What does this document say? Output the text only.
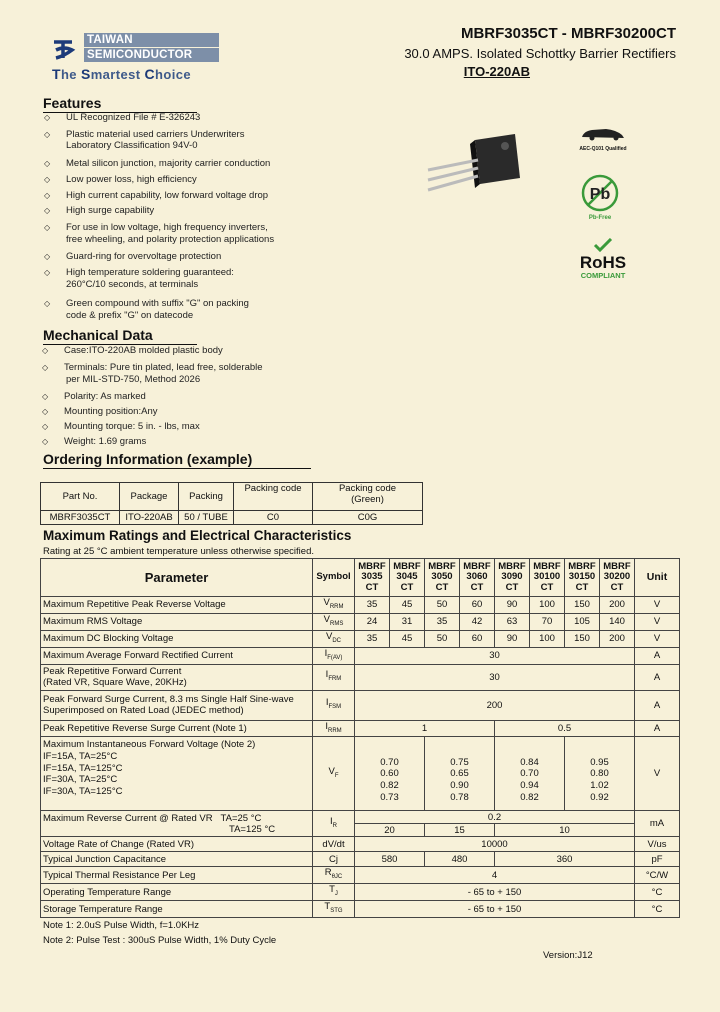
TAIWAN
SEMICONDUCTOR
The Smartest Choice
MBRF3035CT - MBRF30200CT
30.0 AMPS. Isolated Schottky Barrier Rectifiers
ITO-220AB
AEC-Q101 Qualified
Pb
Pb-Free
RoHS
COMPLIANT
Features
◇ UL Recognized File # E-326243
◇ Plastic material used carriers Underwriters
Laboratory Classification 94V-0
◇ Metal silicon junction, majority carrier conduction
◇ Low power loss, high efficiency
◇ High current capability, low forward voltage drop
◇ High surge capability
◇ For use in low voltage, high frequency inverters,
free wheeling, and polarity protection applications
◇ Guard-ring for overvoltage protection
◇ High temperature soldering guaranteed:
260°C/10 seconds, at terminals
◇ Green compound with suffix "G" on packing
code & prefix "G" on datecode
Mechanical Data
◇ Case:ITO-220AB molded plastic body
◇ Terminals: Pure tin plated, lead free, solderable
per MIL-STD-750, Method 2026
◇ Polarity: As marked
◇ Mounting position:Any
◇ Mounting torque: 5 in. - lbs, max
◇ Weight: 1.69 grams
Ordering Information (example)
Part No.	Package	Packing	Packing code	Packing code
(Green)
MBRF3035CT	ITO-220AB	50 / TUBE	C0	C0G
Maximum Ratings and Electrical Characteristics
Rating at 25 °C ambient temperature unless otherwise specified.
Parameter	Symbol	MBRF
3035
CT	MBRF
3045
CT	MBRF
3050
CT	MBRF
3060
CT	MBRF
3090
CT	MBRF
30100
CT	MBRF
30150
CT	MBRF
30200
CT	Unit
Maximum Repetitive Peak Reverse Voltage	$V_{RRM}$	35	45	50	60	90	100	150	200	V
Maximum RMS Voltage	$V_{RMS}$	24	31	35	42	63	70	105	140	V
Maximum DC Blocking Voltage	$V_{DC}$	35	45	50	60	90	100	150	200	V
Maximum Average Forward Rectified Current	$I_{F(AV)}$	30								A
Peak Repetitive Forward Current
(Rated VR, Square Wave, 20KHz)	$I_{FRM}$	30								A
Peak Forward Surge Current, 8.3 ms Single Half Sine-wave
Superimposed on Rated Load (JEDEC method)	$I_{FSM}$	200								A
Peak Repetitive Reverse Surge Current (Note 1)	$I_{RRM}$	1				0.5				A
Maximum Instantaneous Forward Voltage (Note 2)
IF=15A, TA=25°C
IF=15A, TA=125°C
IF=30A, TA=25°C
IF=30A, TA=125°C	$V_F$	0.70
0.60
0.82
0.73		0.75
0.65
0.90
0.78		0.84
0.70
0.94
0.82		0.95
0.80
1.02
0.92		V
Maximum Reverse Current @ Rated VR TA=25 °C
TA=125 °C	$I_R$	0.2								mA
		20		15		10				
Voltage Rate of Change (Rated VR)	dV/dt	10000								V/us
Typical Junction Capacitance	Cj	580		480		360				pF
Typical Thermal Resistance Per Leg	$R_{\theta JC}$	4								°C/W
Operating Temperature Range	$T_J$	- 65 to + 150								°C
Storage Temperature Range	$T_{STG}$	- 65 to + 150								°C
Note 1: 2.0uS Pulse Width, f=1.0KHz
Note 2: Pulse Test : 300uS Pulse Width, 1% Duty Cycle
Version:J12
